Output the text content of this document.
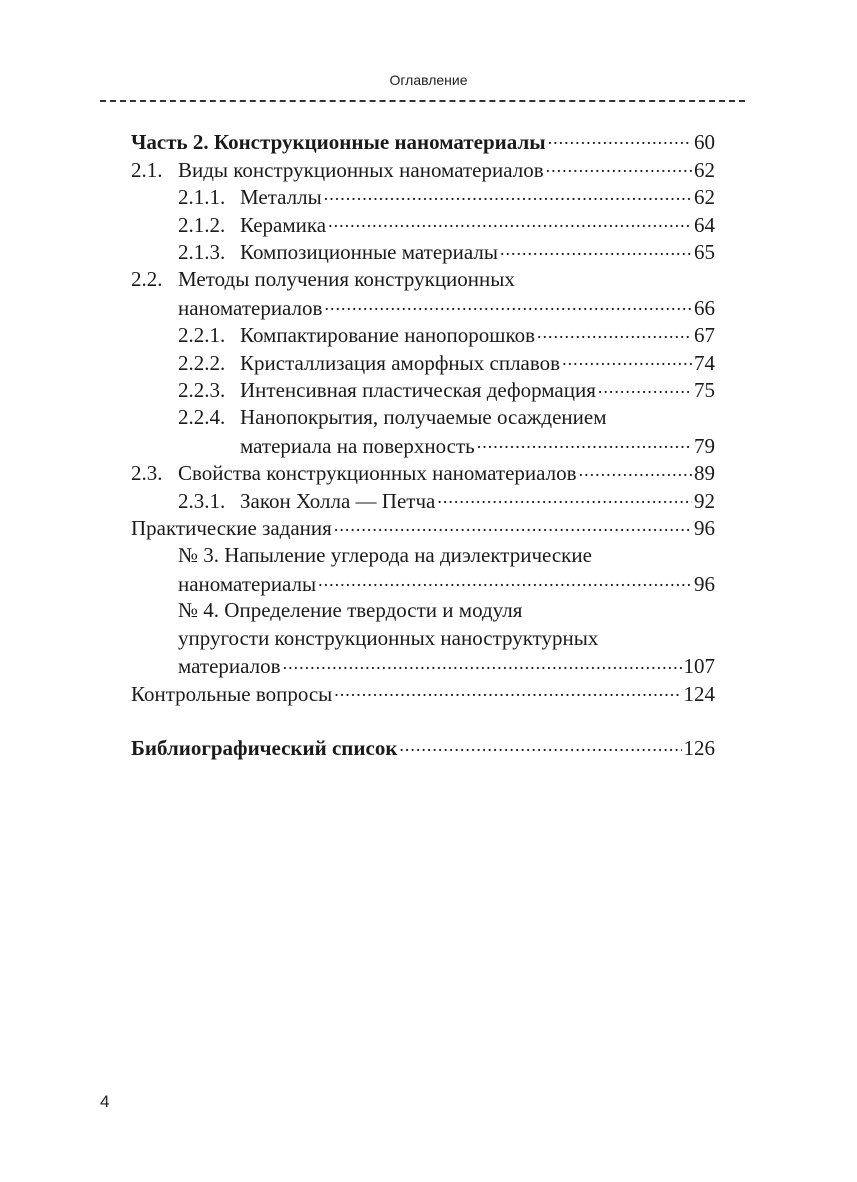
Оглавление
Часть 2. Конструкционные наноматериалы .....	60
2.1. Виды конструкционных наноматериалов .....	62
2.1.1. Металлы .....	62
2.1.2. Керамика .....	64
2.1.3. Композиционные материалы .....	65
2.2. Методы получения конструкционных
наноматериалов .....	66
2.2.1. Компактирование нанопорошков .....	67
2.2.2. Кристаллизация аморфных сплавов .....	74
2.2.3. Интенсивная пластическая деформация .....	75
2.2.4. Нанопокрытия, получаемые осаждением
материала на поверхность .....	79
2.3. Свойства конструкционных наноматериалов .....	89
2.3.1. Закон Холла — Петча .....	92
Практические задания .....	96
№ 3. Напыление углерода на диэлектрические
наноматериалы .....	96
№ 4. Определение твердости и модуля
упругости конструкционных наноструктурных
материалов .....	107
Контрольные вопросы .....	124
Библиографический список .....	126
4
